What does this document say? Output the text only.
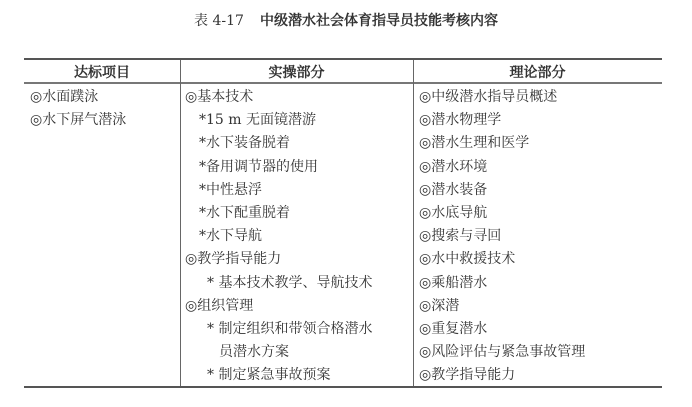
表 4-17 中级潜水社会体育指导员技能考核内容
达标项目	实操部分	理论部分
◎水面蹼泳
◎水下屏气潜泳
◎基本技术
*15 m 无面镜潜游
*水下装备脱着
*备用调节器的使用
*中性悬浮
*水下配重脱着
*水下导航
◎教学指导能力
* 基本技术教学、导航技术
◎组织管理
* 制定组织和带领合格潜水
员潜水方案
* 制定紧急事故预案
◎中级潜水指导员概述
◎潜水物理学
◎潜水生理和医学
◎潜水环境
◎潜水装备
◎水底导航
◎搜索与寻回
◎水中救援技术
◎乘船潜水
◎深潜
◎重复潜水
◎风险评估与紧急事故管理
◎教学指导能力
